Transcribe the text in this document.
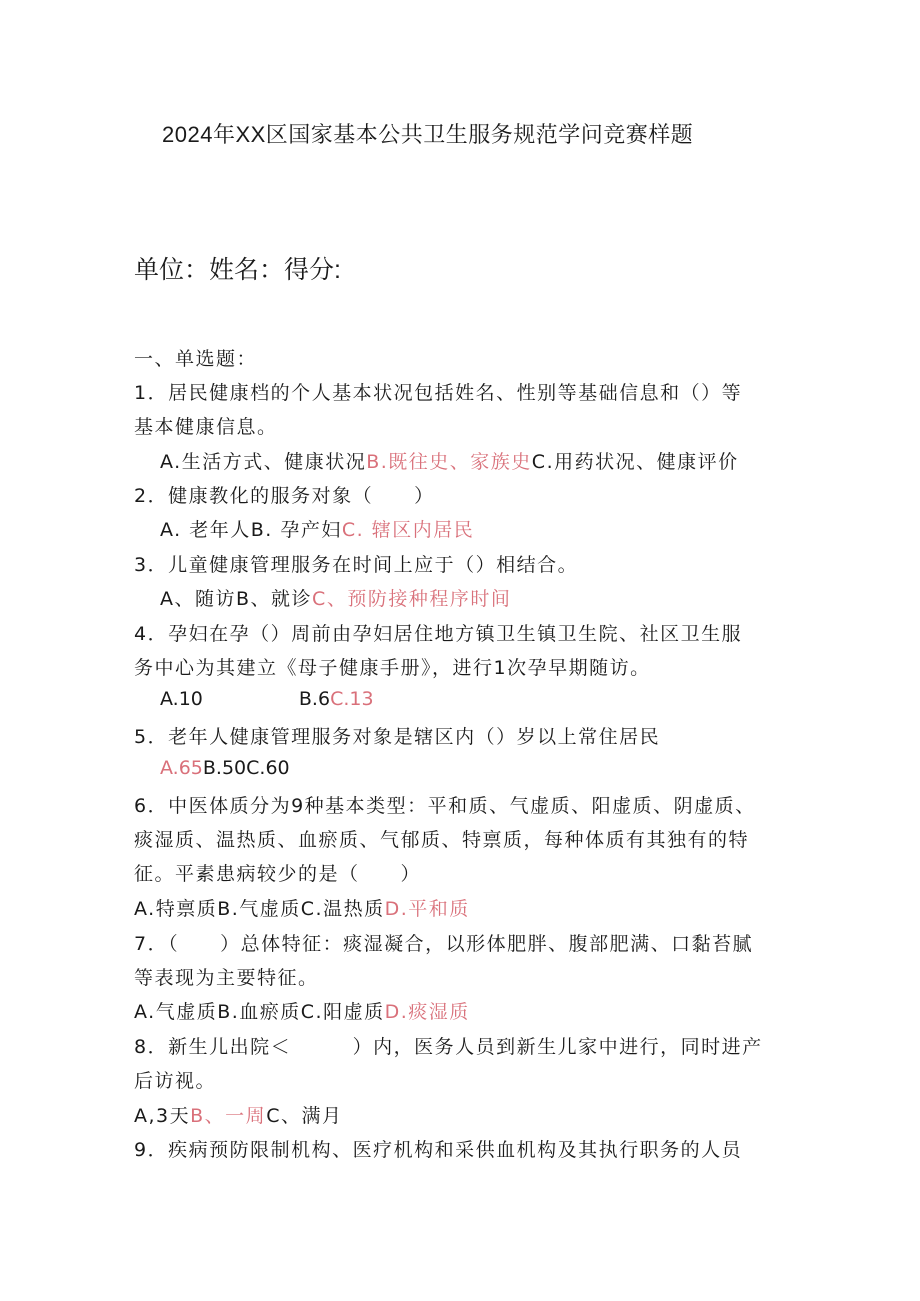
2024年XX区国家基本公共卫生服务规范学问竞赛样题
单位：姓名：得分:
一、单选题：
1．居民健康档的个人基本状况包括姓名、性别等基础信息和（）等
基本健康信息。
A.生活方式、健康状况B.既往史、家族史C.用药状况、健康评价
2．健康教化的服务对象（　　）
A. 老年人B. 孕产妇C. 辖区内居民
3．儿童健康管理服务在时间上应于（）相结合。
A、随访B、就诊C、预防接种程序时间
4．孕妇在孕（）周前由孕妇居住地方镇卫生镇卫生院、社区卫生服
务中心为其建立《母子健康手册》，进行1次孕早期随访。
A.10	B.6C.13
5．老年人健康管理服务对象是辖区内（）岁以上常住居民
A.65B.50C.60
6．中医体质分为9种基本类型：平和质、气虚质、阳虚质、阴虚质、
痰湿质、温热质、血瘀质、气郁质、特禀质，每种体质有其独有的特
征。平素患病较少的是（　　）
A.特禀质B.气虚质C.温热质D.平和质
7．（　　）总体特征：痰湿凝合，以形体肥胖、腹部肥满、口黏苔腻
等表现为主要特征。
A.气虚质B.血瘀质C.阳虚质D.痰湿质
8．新生儿出院＜　　　）内，医务人员到新生儿家中进行，同时进产
后访视。
A,3天B、一周C、满月
9．疾病预防限制机构、医疗机构和采供血机构及其执行职务的人员
